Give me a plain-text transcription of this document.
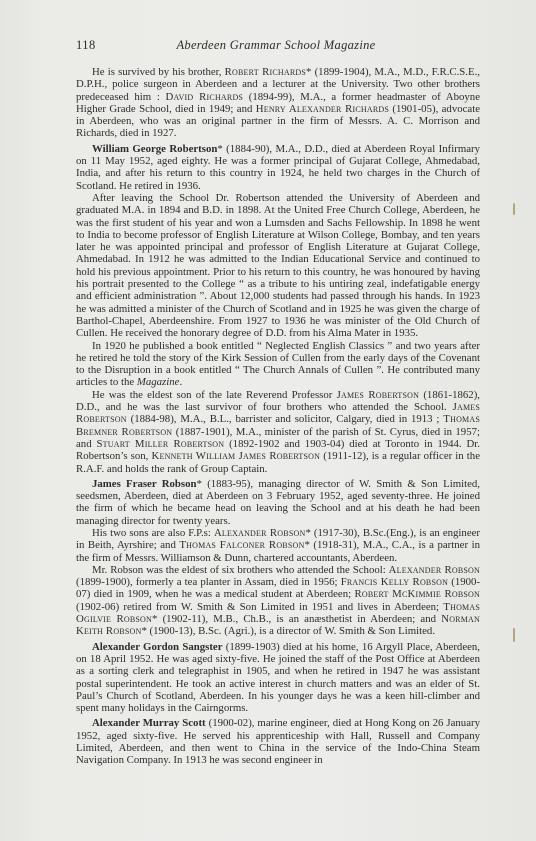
118	Aberdeen Grammar School Magazine

He is survived by his brother, Robert Richards* (1899-1904), M.A., M.D., F.R.C.S.E., D.P.H., police surgeon in Aberdeen and a lecturer at the University. Two other brothers predeceased him : David Richards (1894-99), M.A., a former headmaster of Aboyne Higher Grade School, died in 1949; and Henry Alexander Richards (1901-05), advocate in Aberdeen, who was an original partner in the firm of Messrs. A. C. Morrison and Richards, died in 1927.

William George Robertson* (1884-90), M.A., D.D., died at Aberdeen Royal Infirmary on 11 May 1952, aged eighty. He was a former principal of Gujarat College, Ahmedabad, India, and after his return to this country in 1924, he held two charges in the Church of Scotland. He retired in 1936.

After leaving the School Dr. Robertson attended the University of Aberdeen and graduated M.A. in 1894 and B.D. in 1898. At the United Free Church College, Aberdeen, he was the first student of his year and won a Lumsden and Sachs Fellowship. In 1898 he went to India to become professor of English Literature at Wilson College, Bombay, and ten years later he was appointed principal and professor of English Literature at Gujarat College, Ahmedabad. In 1912 he was admitted to the Indian Educational Service and continued to hold his previous appointment. Prior to his return to this country, he was honoured by having his portrait presented to the College “ as a tribute to his untiring zeal, indefatigable energy and efficient administration ”. About 12,000 students had passed through his hands. In 1923 he was admitted a minister of the Church of Scotland and in 1925 he was given the charge of Barthol-Chapel, Aberdeenshire. From 1927 to 1936 he was minister of the Old Church of Cullen. He received the honorary degree of D.D. from his Alma Mater in 1935.

In 1920 he published a book entitled “ Neglected English Classics ” and two years after he retired he told the story of the Kirk Session of Cullen from the early days of the Covenant to the Disruption in a book entitled “ The Church Annals of Cullen ”. He contributed many articles to the Magazine.

He was the eldest son of the late Reverend Professor James Robertson (1861-1862), D.D., and he was the last survivor of four brothers who attended the School. James Robertson (1884-98), M.A., B.L., barrister and solicitor, Calgary, died in 1913 ; Thomas Bremner Robertson (1887-1901), M.A., minister of the parish of St. Cyrus, died in 1957; and Stuart Miller Robertson (1892-1902 and 1903-04) died at Toronto in 1944. Dr. Robertson’s son, Kenneth William James Robertson (1911-12), is a regular officer in the R.A.F. and holds the rank of Group Captain.

James Fraser Robson* (1883-95), managing director of W. Smith & Son Limited, seedsmen, Aberdeen, died at Aberdeen on 3 February 1952, aged seventy-three. He joined the firm of which he became head on leaving the School and at his death he had been managing director for twenty years.

His two sons are also F.P.s: Alexander Robson* (1917-30), B.Sc.(Eng.), is an engineer in Beith, Ayrshire; and Thomas Falconer Robson* (1918-31), M.A., C.A., is a partner in the firm of Messrs. Williamson & Dunn, chartered accountants, Aberdeen.

Mr. Robson was the eldest of six brothers who attended the School: Alexander Robson (1899-1900), formerly a tea planter in Assam, died in 1956; Francis Kelly Robson (1900-07) died in 1909, when he was a medical student at Aberdeen; Robert McKimmie Robson (1902-06) retired from W. Smith & Son Limited in 1951 and lives in Aberdeen; Thomas Ogilvie Robson* (1902-11), M.B., Ch.B., is an anæsthetist in Aberdeen; and Norman Keith Robson* (1900-13), B.Sc. (Agri.), is a director of W. Smith & Son Limited.

Alexander Gordon Sangster (1899-1903) died at his home, 16 Argyll Place, Aberdeen, on 18 April 1952. He was aged sixty-five. He joined the staff of the Post Office at Aberdeen as a sorting clerk and telegraphist in 1905, and when he retired in 1947 he was assistant postal superintendent. He took an active interest in church matters and was an elder of St. Paul’s Church of Scotland, Aberdeen. In his younger days he was a keen hill-climber and spent many holidays in the Cairngorms.

Alexander Murray Scott (1900-02), marine engineer, died at Hong Kong on 26 January 1952, aged sixty-five. He served his apprenticeship with Hall, Russell and Company Limited, Aberdeen, and then went to China in the service of the Indo-China Steam Navigation Company. In 1913 he was second engineer in
